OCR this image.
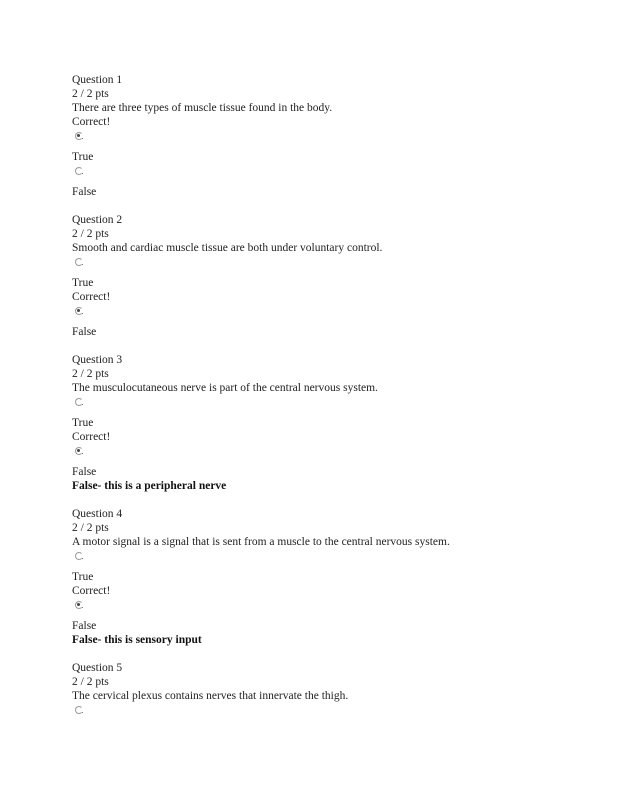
Question 1
2 / 2 pts
There are three types of muscle tissue found in the body.
Correct!
True
False
Question 2
2 / 2 pts
Smooth and cardiac muscle tissue are both under voluntary control.
True
Correct!
False
Question 3
2 / 2 pts
The musculocutaneous nerve is part of the central nervous system.
True
Correct!
False
False- this is a peripheral nerve
Question 4
2 / 2 pts
A motor signal is a signal that is sent from a muscle to the central nervous system.
True
Correct!
False
False- this is sensory input
Question 5
2 / 2 pts
The cervical plexus contains nerves that innervate the thigh.
